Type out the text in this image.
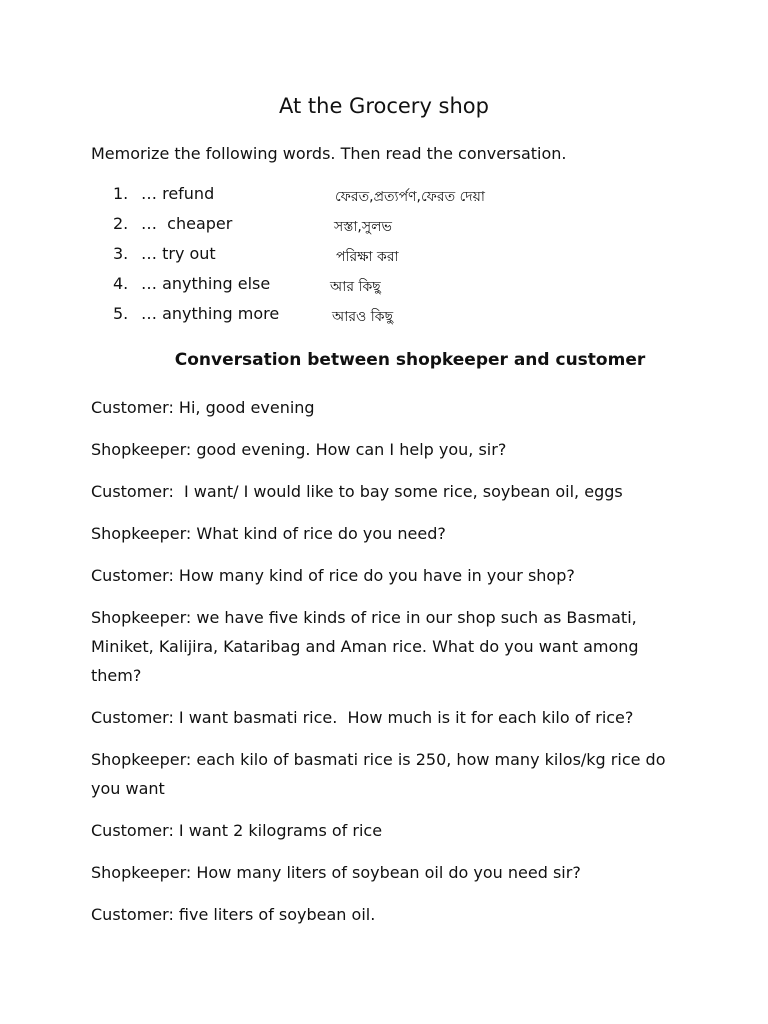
At the Grocery shop

Memorize the following words. Then read the conversation.

1. … refund	ফেরত,প্রত্যর্পণ,ফেরত দেয়া
2. …  cheaper	সস্তা,সুলভ
3. … try out	পরিক্ষা করা
4. … anything else	আর কিছু
5. … anything more	আরও কিছু
Conversation between shopkeeper and customer

Customer: Hi, good evening

Shopkeeper: good evening. How can I help you, sir?

Customer:  I want/ I would like to bay some rice, soybean oil, eggs

Shopkeeper: What kind of rice do you need?

Customer: How many kind of rice do you have in your shop?

Shopkeeper: we have five kinds of rice in our shop such as Basmati, Miniket, Kalijira, Kataribag and Aman rice. What do you want among them?

Customer: I want basmati rice.  How much is it for each kilo of rice?

Shopkeeper: each kilo of basmati rice is 250, how many kilos/kg rice do you want

Customer: I want 2 kilograms of rice

Shopkeeper: How many liters of soybean oil do you need sir?

Customer: five liters of soybean oil.
